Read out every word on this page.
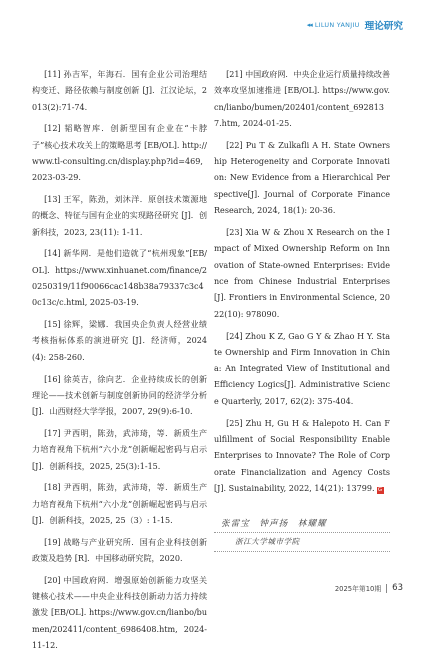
◂◂ LILUN YANJIU 理论研究

[11] 孙吉军，年海石．国有企业公司治理结构变迁、路径依赖与制度创新 [J]．江汉论坛，2013(2):71-74.

[12] 韬略智库．创新型国有企业在“卡脖子”核心技术攻关上的策略思考 [EB/OL]. http://www.tl-consulting.cn/display.php?id=469, 2023-03-29.

[13] 王军，陈劲，刘沐洋．原创技术策源地的概念、特征与国有企业的实现路径研究 [J]．创新科技，2023, 23(11): 1-11.

[14] 新华网．是他们造就了“杭州现象”[EB/OL]. https://www.xinhuanet.com/finance/20250319/11f90066cac148b38a79337c3c40c13c/c.html, 2025-03-19.

[15] 徐辉，梁娜．我国央企负责人经营业绩考核指标体系的演进研究 [J]．经济师，2024(4): 258-260.

[16] 徐英吉，徐向艺．企业持续成长的创新理论——技术创新与制度创新协同的经济学分析 [J]．山西财经大学学报，2007, 29(9):6-10.

[17] 尹西明，陈劲，武沛琦，等．新质生产力培育视角下杭州“六小龙”创新崛起密码与启示 [J]．创新科技，2025, 25(3):1-15.

[18] 尹西明，陈劲，武沛琦，等．新质生产力培育视角下杭州“六小龙”创新崛起密码与启示 [J]．创新科技，2025, 25（3）: 1-15.

[19] 战略与产业研究所．国有企业科技创新政策及趋势 [R]．中国移动研究院，2020.

[20] 中国政府网．增强原始创新能力攻坚关键核心技术——中央企业科技创新动力活力持续激发 [EB/OL]. https://www.gov.cn/lianbo/bumen/202411/content_6986408.htm, 2024-11-12.

[21] 中国政府网．中央企业运行质量持续改善效率攻坚加速推进 [EB/OL]. https://www.gov.cn/lianbo/bumen/202401/content_6928137.htm, 2024-01-25.

[22] Pu T & Zulkafli A H. State Ownership Heterogeneity and Corporate Innovation: New Evidence from a Hierarchical Perspective[J]. Journal of Corporate Finance Research, 2024, 18(1): 20-36.

[23] Xia W & Zhou X Research on the Impact of Mixed Ownership Reform on Innovation of State-owned Enterprises: Evidence from Chinese Industrial Enterprises[J]. Frontiers in Environmental Science, 2022(10): 978090.

[24] Zhou K Z, Gao G Y & Zhao H Y. State Ownership and Firm Innovation in China: An Integrated View of Institutional and Efficiency Logics[J]. Administrative Science Quarterly, 2017, 62(2): 375-404.

[25] Zhu H, Gu H & Halepoto H. Can Fulfillment of Social Responsibility Enable Enterprises to Innovate? The Role of Corporate Financialization and Agency Costs[J]. Sustainability, 2022, 14(21): 13799. G

张雷宝　钟声扬　林耀耀
浙江大学城市学院
2025年第10期 63
